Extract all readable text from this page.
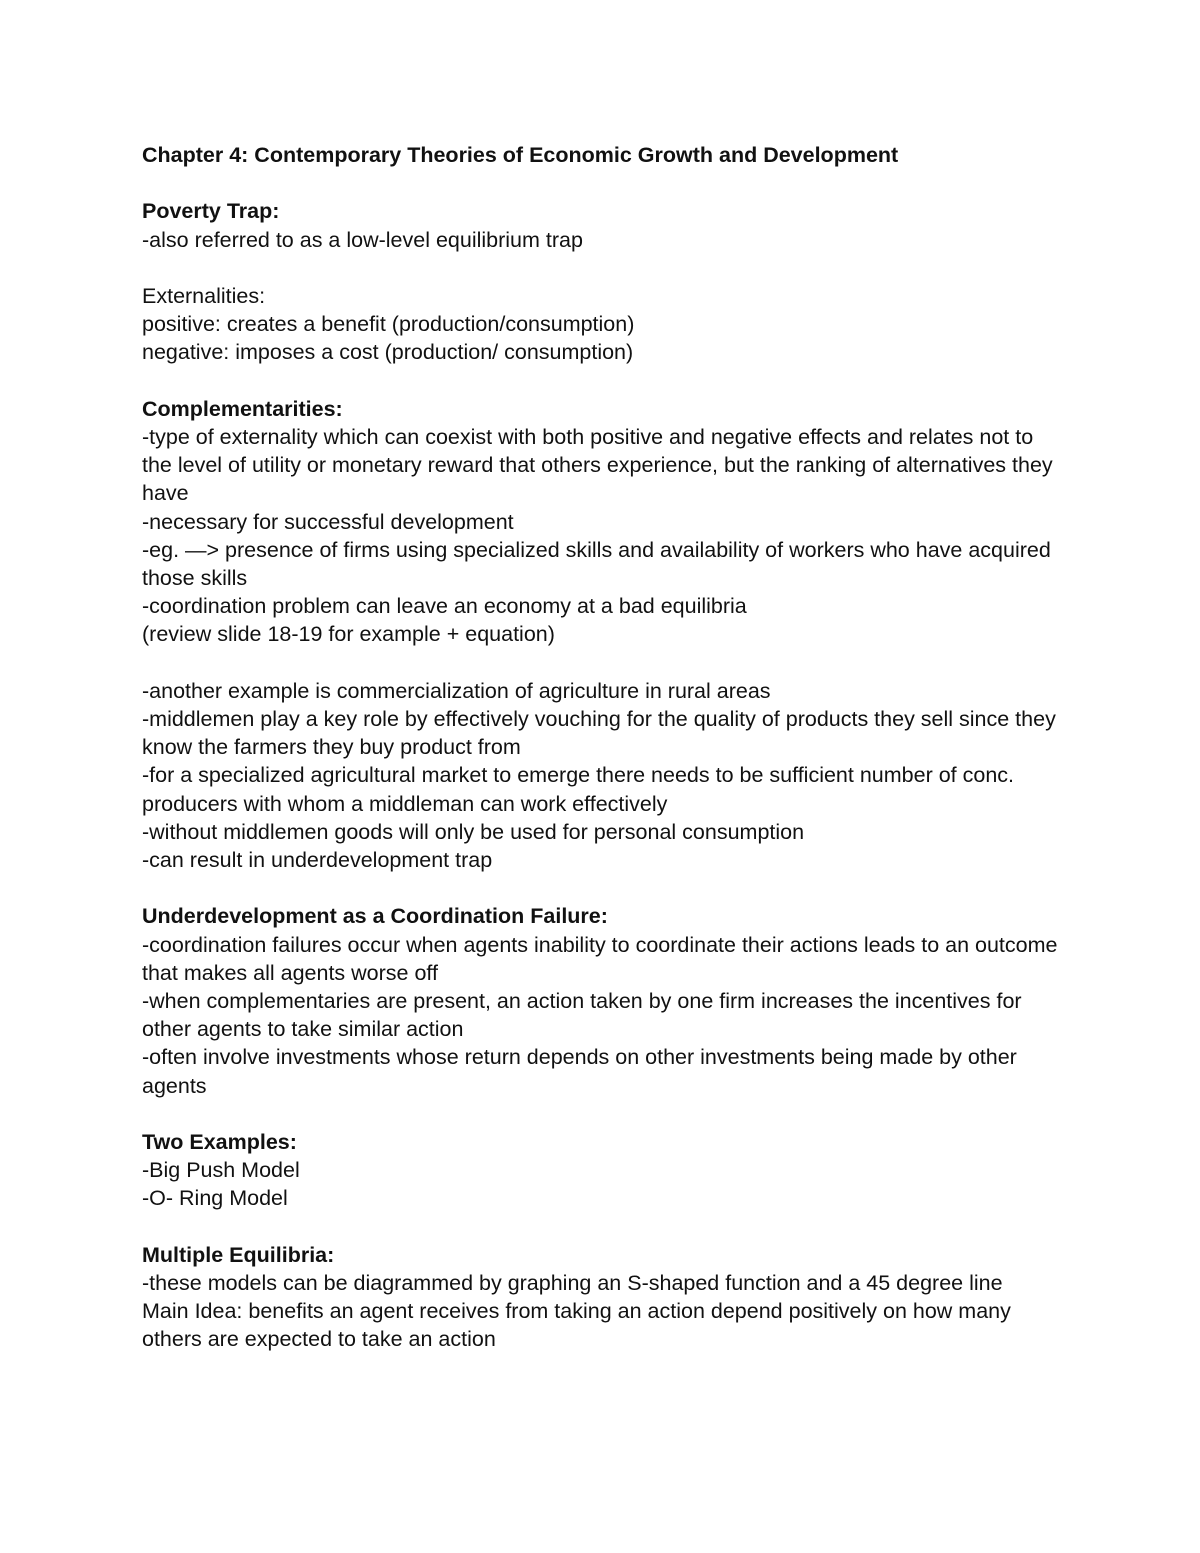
Chapter 4: Contemporary Theories of Economic Growth and Development

Poverty Trap:

-also referred to as a low-level equilibrium trap

Externalities:

positive: creates a benefit (production/consumption)

negative: imposes a cost (production/ consumption)

Complementarities:

-type of externality which can coexist with both positive and negative effects and relates not to the level of utility or monetary reward that others experience, but the ranking of alternatives they have

-necessary for successful development

-eg. —> presence of firms using specialized skills and availability of workers who have acquired those skills

-coordination problem can leave an economy at a bad equilibria

(review slide 18-19 for example + equation)

-another example is commercialization of agriculture in rural areas

-middlemen play a key role by effectively vouching for the quality of products they sell since they know the farmers they buy product from

-for a specialized agricultural market to emerge there needs to be sufficient number of conc. producers with whom a middleman can work effectively

-without middlemen goods will only be used for personal consumption

-can result in underdevelopment trap

Underdevelopment as a Coordination Failure:

-coordination failures occur when agents inability to coordinate their actions leads to an outcome that makes all agents worse off

-when complementaries are present, an action taken by one firm increases the incentives for other agents to take similar action

-often involve investments whose return depends on other investments being made by other agents

Two Examples:

-Big Push Model

-O- Ring Model

Multiple Equilibria:

-these models can be diagrammed by graphing an S-shaped function and a 45 degree line

Main Idea: benefits an agent receives from taking an action depend positively on how many others are expected to take an action
